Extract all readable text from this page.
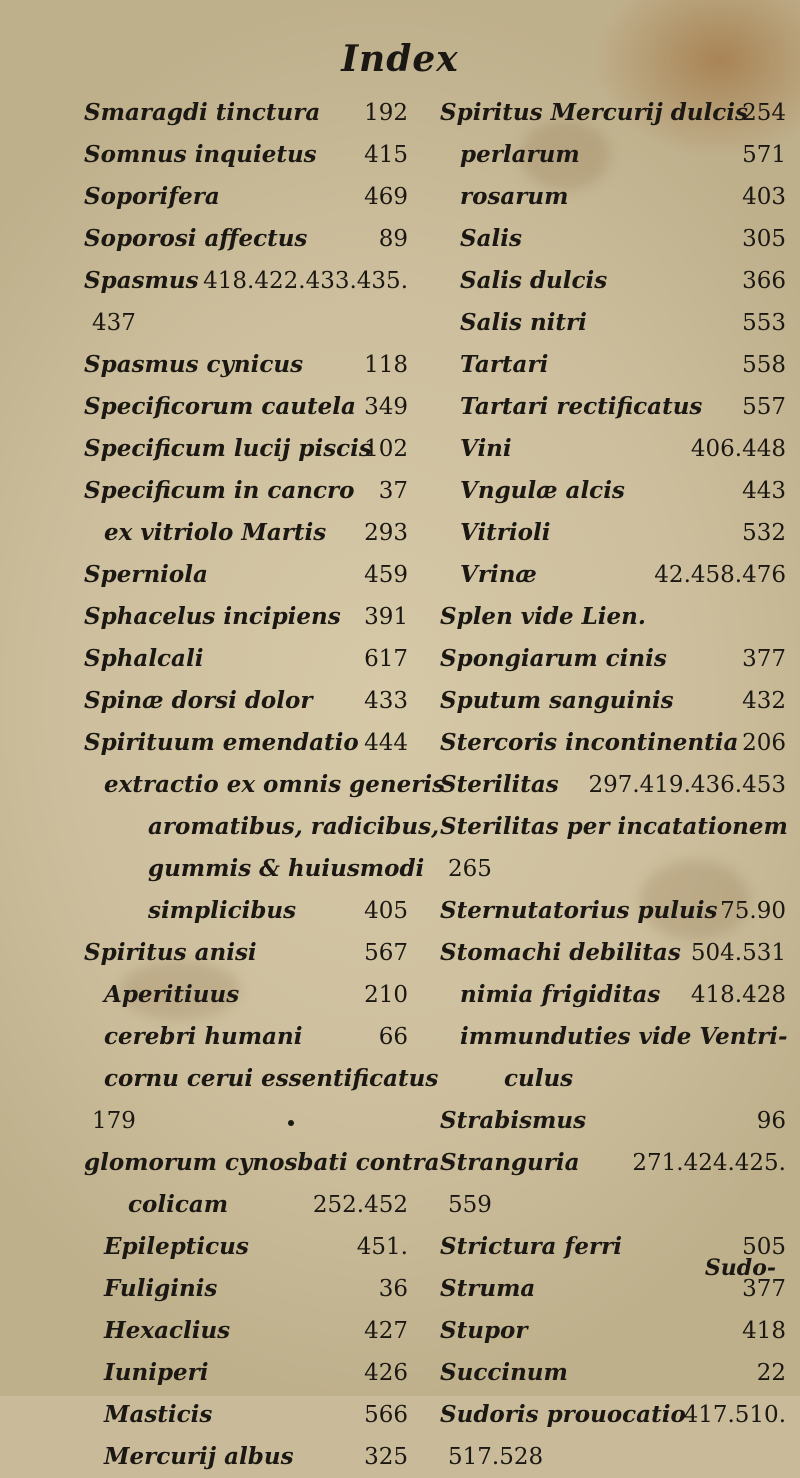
Index
Smaragdi tinctura 192
Somnus inquietus 415
Soporifera	469
Soporosi affectus	89
Spasmus 418.422.433.435.
437
Spasmus cynicus	118
Specificorum cautela 349
Specificum lucij piscis
102
Specificum in cancro 37
ex vitriolo Martis 293
Sperniola	459
Sphacelus incipiens 391
Sphalcali	617
Spinæ dorsi dolor 433
Spirituum emendatio 444
extractio ex omnis generis
aromatibus, radicibus,
gummis & huiusmodi
simplicibus	405
Spiritus anisi	567
Aperitiuus	210
cerebri humani	66
cornu cerui essentificatus
179
glomorum cynosbati contra
colicam	252.452
Epilepticus	451.
Fuliginis	36
Hexaclius	427
Iuniperi	426
Masticis	566
Mercurij albus	325
Spiritus Mercurij dulcis
254
perlarum	571
rosarum	403
Salis	305
Salis dulcis	366
Salis nitri	553
Tartari	558
Tartari rectificatus 557
Vini	406.448
Vngulæ alcis	443
Vitrioli	532
Vrinæ	42.458.476
Splen vide Lien.
Spongiarum cinis	377
Sputum sanguinis	432
Stercoris incontinentia 206
Sterilitas 297.419.436.453
Sterilitas per incatationem
265
Sternutatorius puluis 75.90
Stomachi debilitas 504.531
nimia frigiditas 418.428
immunduties vide Ventri-
culus
Strabismus	96
Stranguria 271.424.425.
559
Strictura ferri	505
Struma	377
Stupor	418
Succinum	22
Sudoris prouocatio
417.510.
517.528
Sudo-
